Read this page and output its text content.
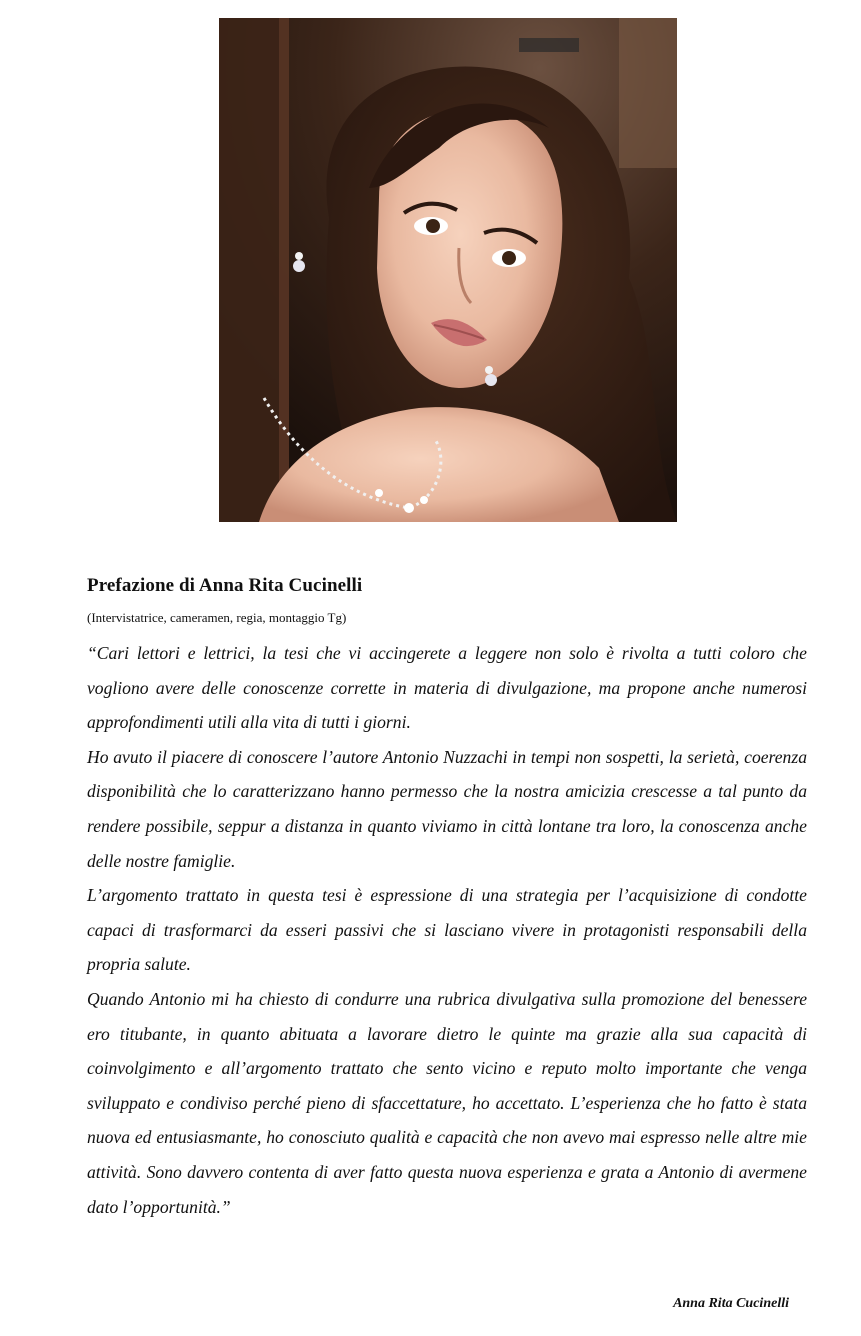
Prefazione di Anna Rita Cucinelli
(Intervistatrice, cameramen, regia, montaggio Tg)

“Cari lettori e lettrici, la tesi che vi accingerete a leggere non solo è rivolta a tutti coloro che vogliono avere delle conoscenze corrette in materia di divulgazione, ma propone anche numerosi approfondimenti utili alla vita di tutti i giorni.

Ho avuto il piacere di conoscere l’autore Antonio Nuzzachi in tempi non sospetti, la serietà, coerenza disponibilità che lo caratterizzano hanno permesso che la nostra amicizia crescesse a tal punto da rendere possibile, seppur a distanza in quanto viviamo in città lontane tra loro, la conoscenza anche delle nostre famiglie.

L’argomento trattato in questa tesi è espressione di una strategia per l’acquisizione di condotte capaci di trasformarci da esseri passivi che si lasciano vivere in protagonisti responsabili della propria salute.

Quando Antonio mi ha chiesto di condurre una rubrica divulgativa sulla promozione del benessere ero titubante, in quanto abituata a lavorare dietro le quinte ma grazie alla sua capacità di coinvolgimento e all’argomento trattato che sento vicino e reputo molto importante che venga sviluppato e condiviso perché pieno di sfaccettature, ho accettato. L’esperienza che ho fatto è stata nuova ed entusiasmante, ho conosciuto qualità e capacità che non avevo mai espresso nelle altre mie attività. Sono davvero contenta di aver fatto questa nuova esperienza e grata a Antonio di avermene dato l’opportunità.”

Anna Rita Cucinelli
